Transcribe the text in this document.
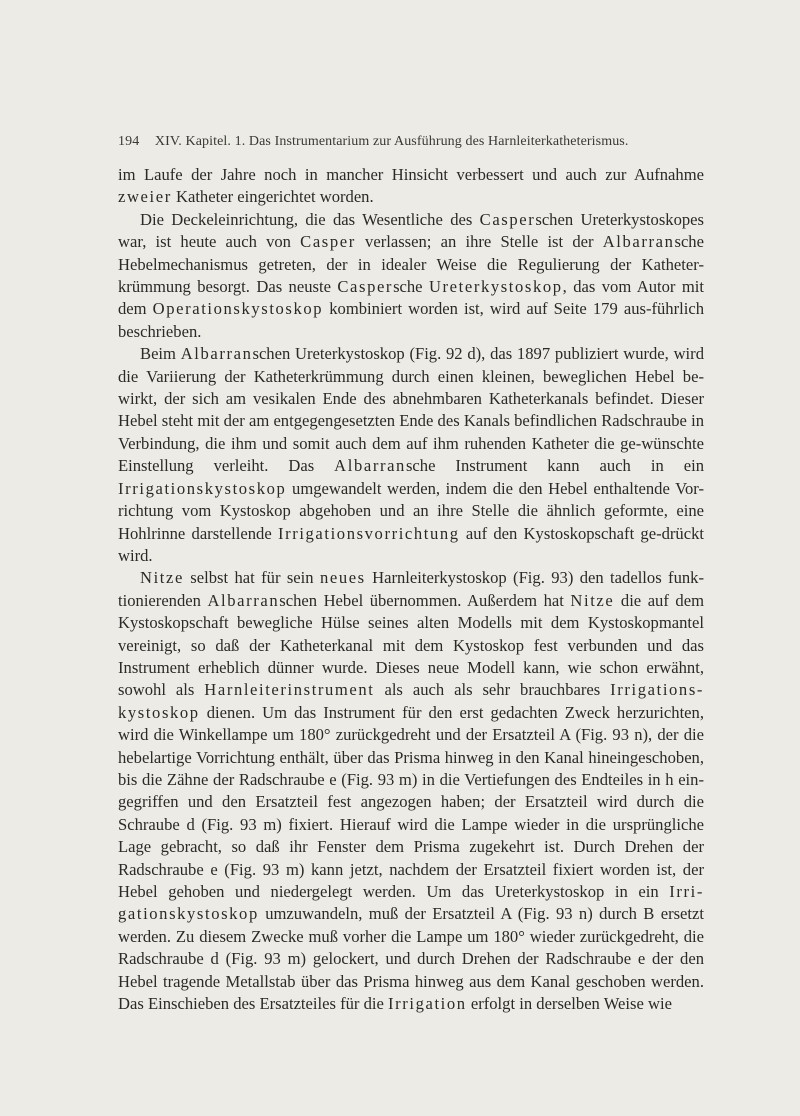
194 XIV. Kapitel. 1. Das Instrumentarium zur Ausführung des Harnleiterkatheterismus.

im Laufe der Jahre noch in mancher Hinsicht verbessert und auch zur Aufnahme zweier Katheter eingerichtet worden.

Die Deckeleinrichtung, die das Wesentliche des Casperschen Ureterkystoskopes war, ist heute auch von Casper verlassen; an ihre Stelle ist der Albarransche Hebelmechanismus getreten, der in idealer Weise die Regulierung der Katheter-krümmung besorgt. Das neuste Caspersche Ureterkystoskop, das vom Autor mit dem Operationskystoskop kombiniert worden ist, wird auf Seite 179 aus-führlich beschrieben.

Beim Albarranschen Ureterkystoskop (Fig. 92 d), das 1897 publiziert wurde, wird die Variierung der Katheterkrümmung durch einen kleinen, beweglichen Hebel be-wirkt, der sich am vesikalen Ende des abnehmbaren Katheterkanals befindet. Dieser Hebel steht mit der am entgegengesetzten Ende des Kanals befindlichen Radschraube in Verbindung, die ihm und somit auch dem auf ihm ruhenden Katheter die ge-wünschte Einstellung verleiht. Das Albarransche Instrument kann auch in ein Irrigationskystoskop umgewandelt werden, indem die den Hebel enthaltende Vor-richtung vom Kystoskop abgehoben und an ihre Stelle die ähnlich geformte, eine Hohlrinne darstellende Irrigationsvorrichtung auf den Kystoskopschaft ge-drückt wird.

Nitze selbst hat für sein neues Harnleiterkystoskop (Fig. 93) den tadellos funk-tionierenden Albarranschen Hebel übernommen. Außerdem hat Nitze die auf dem Kystoskopschaft bewegliche Hülse seines alten Modells mit dem Kystoskopmantel vereinigt, so daß der Katheterkanal mit dem Kystoskop fest verbunden und das Instrument erheblich dünner wurde. Dieses neue Modell kann, wie schon erwähnt, sowohl als Harnleiterinstrument als auch als sehr brauchbares Irrigations-kystoskop dienen. Um das Instrument für den erst gedachten Zweck herzurichten, wird die Winkellampe um 180° zurückgedreht und der Ersatzteil A (Fig. 93 n), der die hebelartige Vorrichtung enthält, über das Prisma hinweg in den Kanal hineingeschoben, bis die Zähne der Radschraube e (Fig. 93 m) in die Vertiefungen des Endteiles in h ein-gegriffen und den Ersatzteil fest angezogen haben; der Ersatzteil wird durch die Schraube d (Fig. 93 m) fixiert. Hierauf wird die Lampe wieder in die ursprüngliche Lage gebracht, so daß ihr Fenster dem Prisma zugekehrt ist. Durch Drehen der Radschraube e (Fig. 93 m) kann jetzt, nachdem der Ersatzteil fixiert worden ist, der Hebel gehoben und niedergelegt werden. Um das Ureterkystoskop in ein Irri-gationskystoskop umzuwandeln, muß der Ersatzteil A (Fig. 93 n) durch B ersetzt werden. Zu diesem Zwecke muß vorher die Lampe um 180° wieder zurückgedreht, die Radschraube d (Fig. 93 m) gelockert, und durch Drehen der Radschraube e der den Hebel tragende Metallstab über das Prisma hinweg aus dem Kanal geschoben werden. Das Einschieben des Ersatzteiles für die Irrigation erfolgt in derselben Weise wie
